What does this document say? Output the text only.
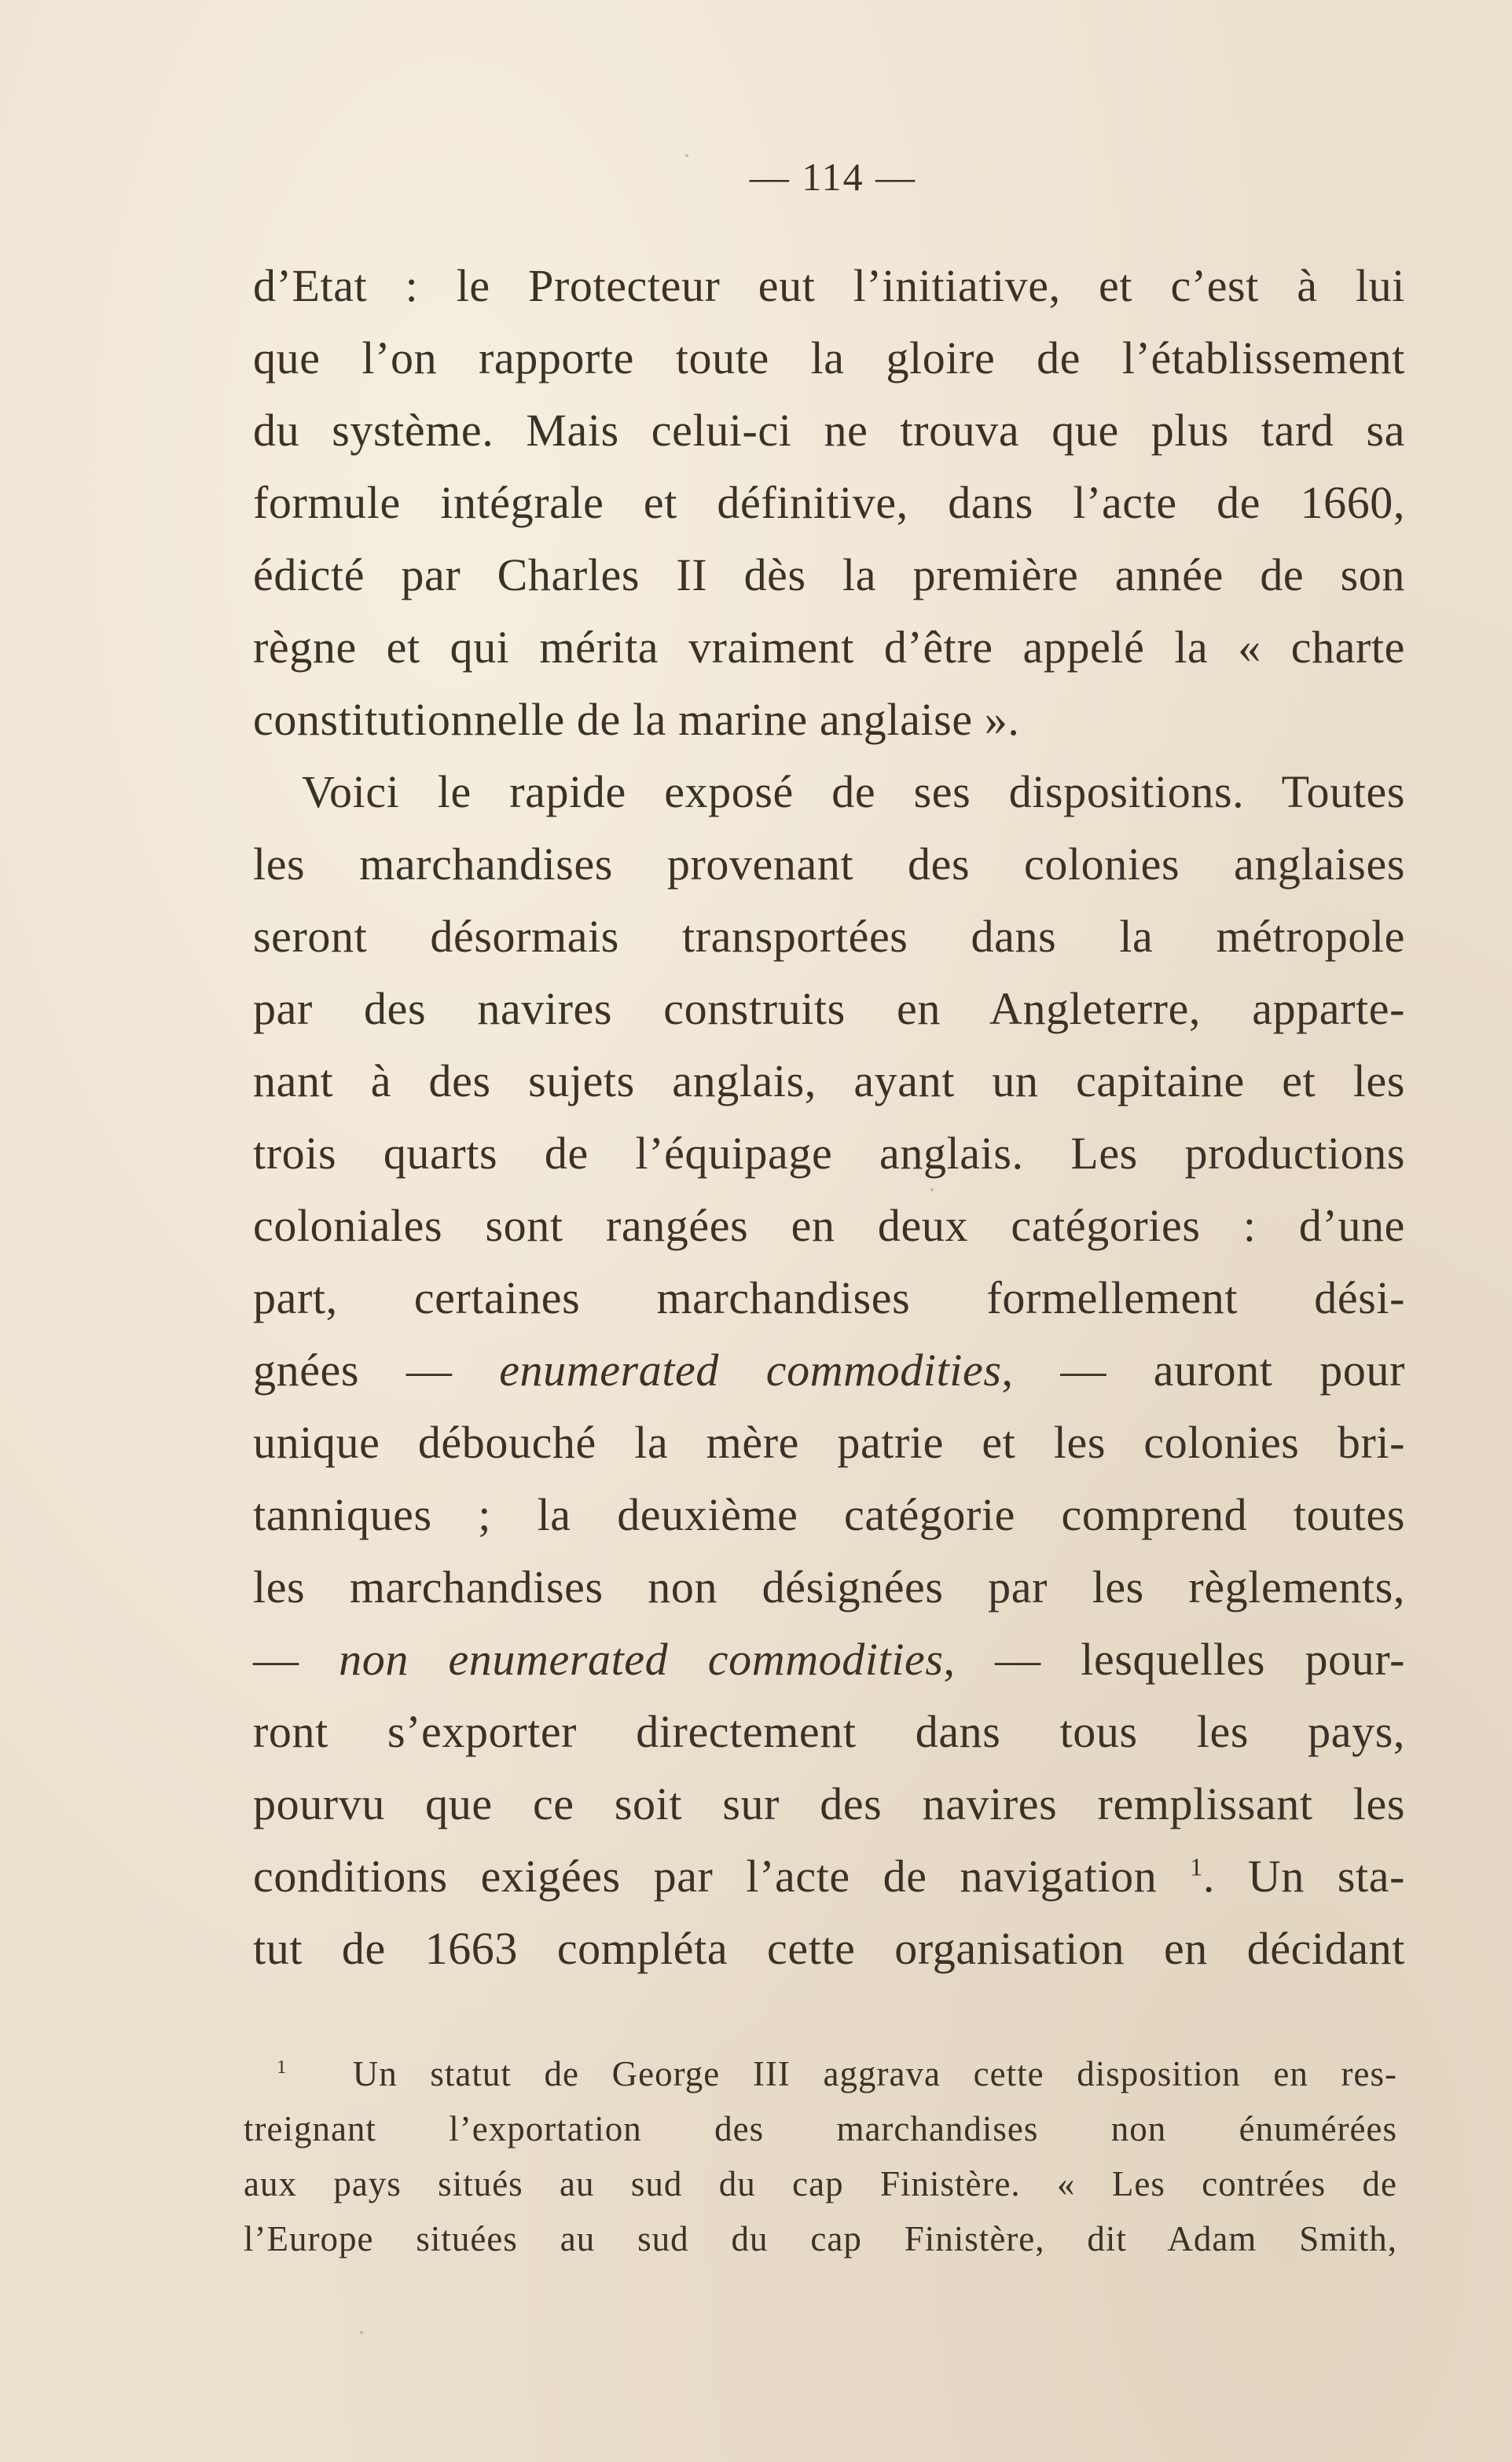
— 114 —
d’Etat : le Protecteur eut l’initiative, et c’est à lui
que l’on rapporte toute la gloire de l’établissement
du système. Mais celui-ci ne trouva que plus tard sa
formule intégrale et définitive, dans l’acte de 1660,
édicté par Charles II dès la première année de son
règne et qui mérita vraiment d’être appelé la « charte
constitutionnelle de la marine anglaise ».
Voici le rapide exposé de ses dispositions. Toutes
les marchandises provenant des colonies anglaises
seront désormais transportées dans la métropole
par des navires construits en Angleterre, apparte-
nant à des sujets anglais, ayant un capitaine et les
trois quarts de l’équipage anglais. Les productions
coloniales sont rangées en deux catégories : d’une
part, certaines marchandises formellement dési-
gnées — enumerated commodities, — auront pour
unique débouché la mère patrie et les colonies bri-
tanniques ; la deuxième catégorie comprend toutes
les marchandises non désignées par les règlements,
— non enumerated commodities, — lesquelles pour-
ront s’exporter directement dans tous les pays,
pourvu que ce soit sur des navires remplissant les
conditions exigées par l’acte de navigation $^1$. Un sta-
tut de 1663 compléta cette organisation en décidant
$^1$ Un statut de George III aggrava cette disposition en res-
treignant l’exportation des marchandises non énumérées
aux pays situés au sud du cap Finistère. « Les contrées de
l’Europe situées au sud du cap Finistère, dit Adam Smith,
